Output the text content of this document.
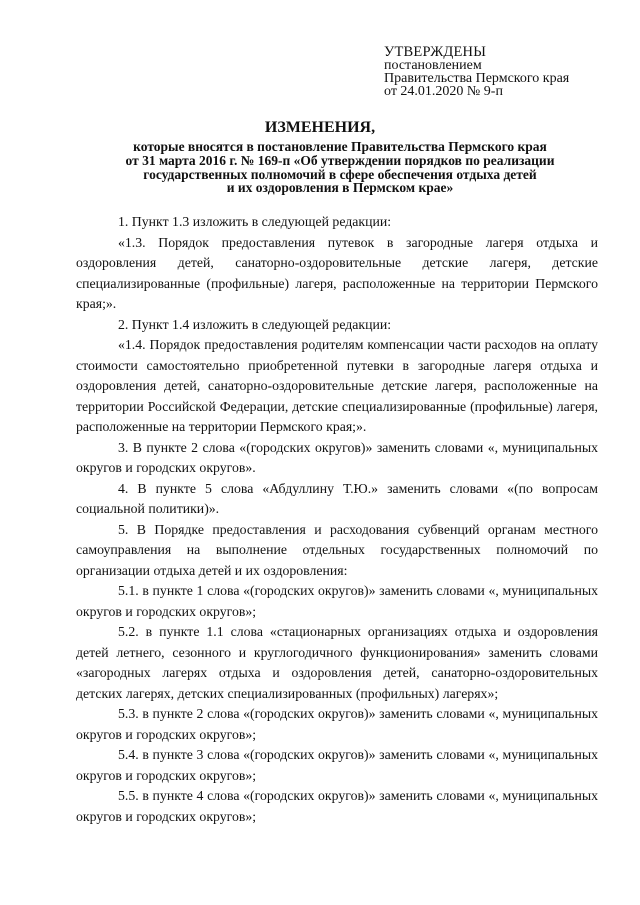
УТВЕРЖДЕНЫ
постановлением
Правительства Пермского края
от 24.01.2020 № 9-п
ИЗМЕНЕНИЯ,
которые вносятся в постановление Правительства Пермского края
от 31 марта 2016 г. № 169-п «Об утверждении порядков по реализации
государственных полномочий в сфере обеспечения отдыха детей
и их оздоровления в Пермском крае»

1. Пункт 1.3 изложить в следующей редакции:

«1.3. Порядок предоставления путевок в загородные лагеря отдыха и оздоровления детей, санаторно-оздоровительные детские лагеря, детские специализированные (профильные) лагеря, расположенные на территории Пермского края;».

2. Пункт 1.4 изложить в следующей редакции:

«1.4. Порядок предоставления родителям компенсации части расходов на оплату стоимости самостоятельно приобретенной путевки в загородные лагеря отдыха и оздоровления детей, санаторно-оздоровительные детские лагеря, расположенные на территории Российской Федерации, детские специализированные (профильные) лагеря, расположенные на территории Пермского края;».

3. В пункте 2 слова «(городских округов)» заменить словами «, муниципальных округов и городских округов».

4. В пункте 5 слова «Абдуллину Т.Ю.» заменить словами «(по вопросам социальной политики)».

5. В Порядке предоставления и расходования субвенций органам местного самоуправления на выполнение отдельных государственных полномочий по организации отдыха детей и их оздоровления:

5.1. в пункте 1 слова «(городских округов)» заменить словами «, муниципальных округов и городских округов»;

5.2. в пункте 1.1 слова «стационарных организациях отдыха и оздоровления детей летнего, сезонного и круглогодичного функционирования» заменить словами «загородных лагерях отдыха и оздоровления детей, санаторно-оздоровительных детских лагерях, детских специализированных (профильных) лагерях»;

5.3. в пункте 2 слова «(городских округов)» заменить словами «, муниципальных округов и городских округов»;

5.4. в пункте 3 слова «(городских округов)» заменить словами «, муниципальных округов и городских округов»;

5.5. в пункте 4 слова «(городских округов)» заменить словами «, муниципальных округов и городских округов»;
